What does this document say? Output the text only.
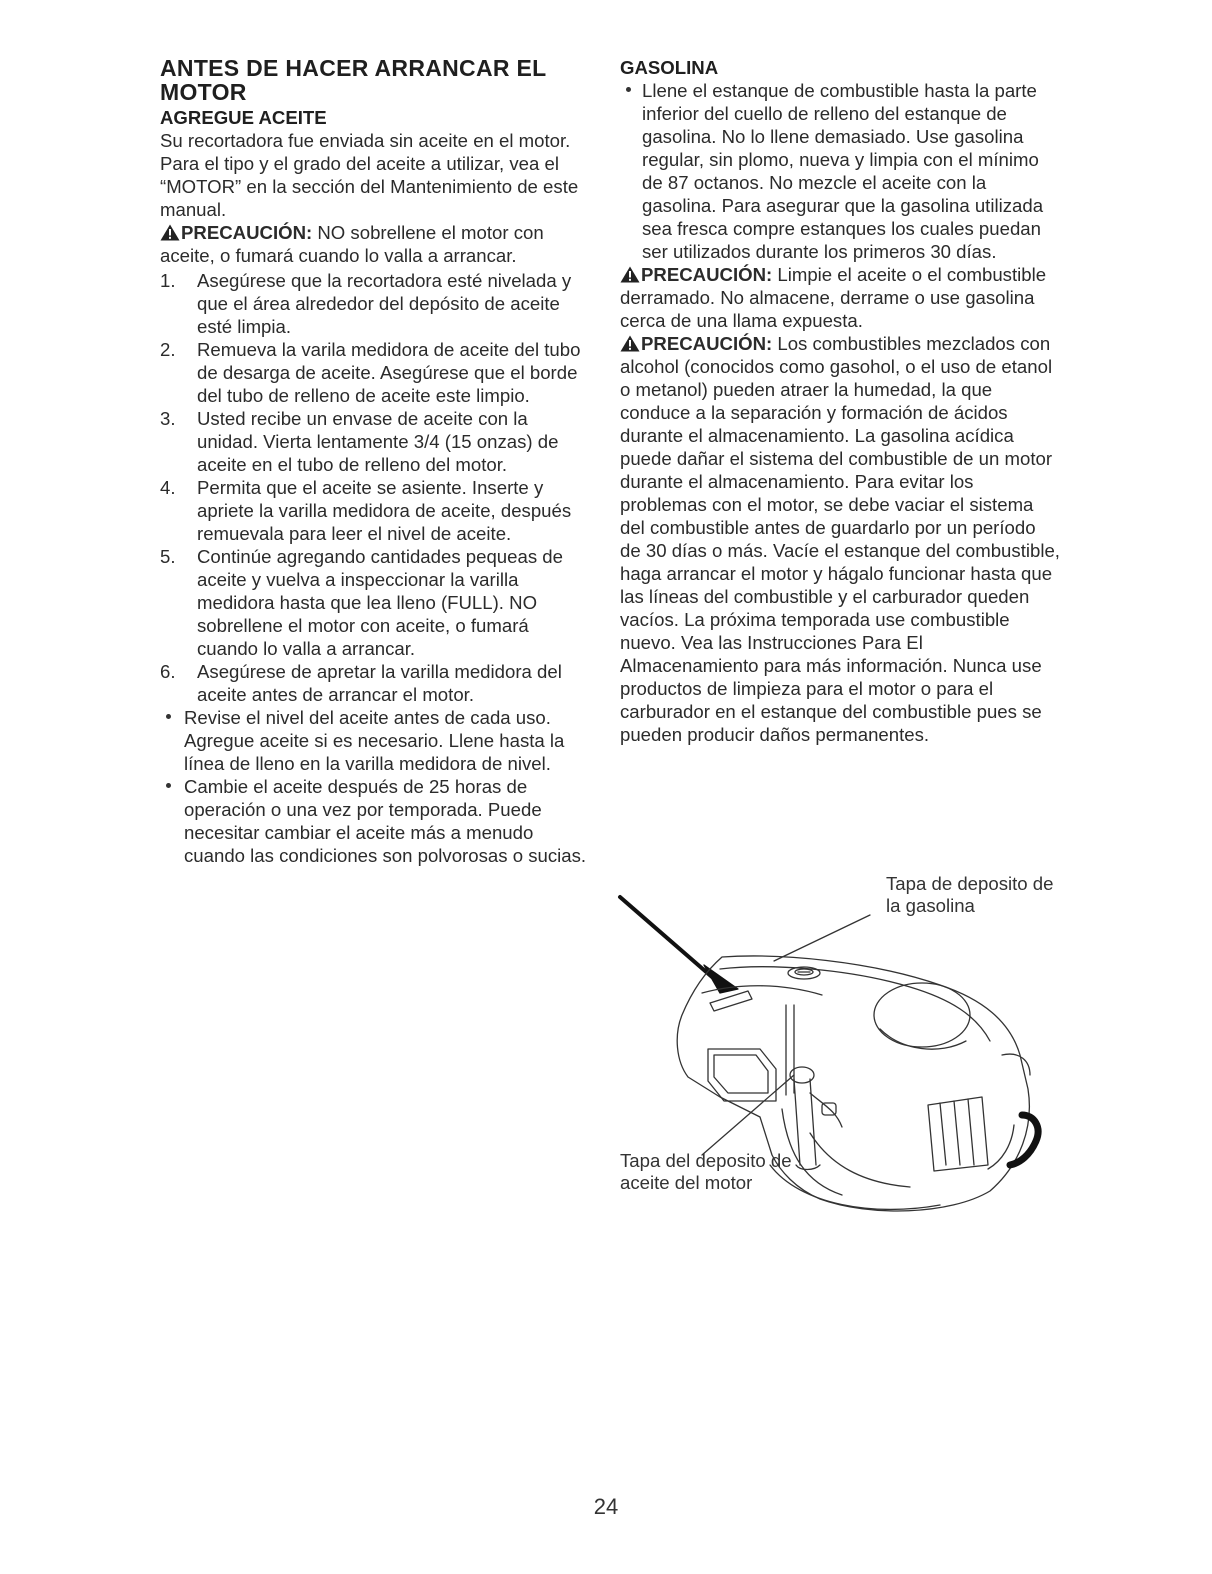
ANTES DE HACER ARRANCAR EL MOTOR
AGREGUE ACEITE

Su recortadora fue enviada sin aceite en el motor. Para el tipo y el grado del aceite a utilizar, vea el “MOTOR” en la sección del Mantenimiento de este manual.

PRECAUCIÓN: NO sobrellene el motor con aceite, o fumará cuando lo valla a arrancar.

1. Asegúrese que la recortadora esté nivelada y que el área alrededor del depósito de aceite esté limpia.
2. Remueva la varila medidora de aceite del tubo de desarga de aceite. Asegúrese que el borde del tubo de relleno de aceite este limpio.
3. Usted recibe un envase de aceite con la unidad. Vierta lentamente 3/4 (15 onzas) de aceite en el tubo de relleno del motor.
4. Permita que el aceite se asiente. Inserte y apriete la varilla medidora de aceite, después remuevala para leer el nivel de aceite.
5. Continúe agregando cantidades pequeas de aceite y vuelva a inspeccionar la varilla medidora hasta que lea lleno (FULL). NO sobrellene el motor con aceite, o fumará cuando lo valla a arrancar.
6. Asegúrese de apretar la varilla medidora del aceite antes de arrancar el motor.
Revise el nivel del aceite antes de cada uso. Agregue aceite si es necesario. Llene hasta la línea de lleno en la varilla medidora de nivel.
Cambie el aceite después de 25 horas de operación o una vez por temporada. Puede necesitar cambiar el aceite más a menudo cuando las condiciones son polvorosas o sucias.
GASOLINA
Llene el estanque de combustible hasta la parte inferior del cuello de relleno del estanque de gasolina. No lo llene demasiado. Use gasolina regular, sin plomo, nueva y limpia con el mínimo de 87 octanos. No mezcle el aceite con la gasolina. Para asegurar que la gasolina utilizada sea fresca compre estanques los cuales puedan ser utilizados durante los primeros 30 días.

PRECAUCIÓN: Limpie el aceite o el combustible derramado. No almacene, derrame o use gasolina cerca de una llama expuesta.

PRECAUCIÓN: Los combustibles mezclados con alcohol (conocidos como gasohol, o el uso de etanol o metanol) pueden atraer la humedad, la que conduce a la separación y formación de ácidos durante el almacenamiento. La gasolina acídica puede dañar el sistema del combustible de un motor durante el almacenamiento. Para evitar los problemas con el motor, se debe vaciar el sistema del combustible antes de guardarlo por un período de 30 días o más. Vacíe el estanque del combustible, haga arrancar el motor y hágalo funcionar hasta que las líneas del combustible y el carburador queden vacíos. La próxima temporada use combustible nuevo. Vea las Instrucciones Para El Almacenamiento para más información. Nunca use productos de limpieza para el motor o para el carburador en el estanque del combustible pues se pueden producir daños permanentes.

Tapa de deposito de la gasolina
Tapa del deposito de aceite del motor
24
